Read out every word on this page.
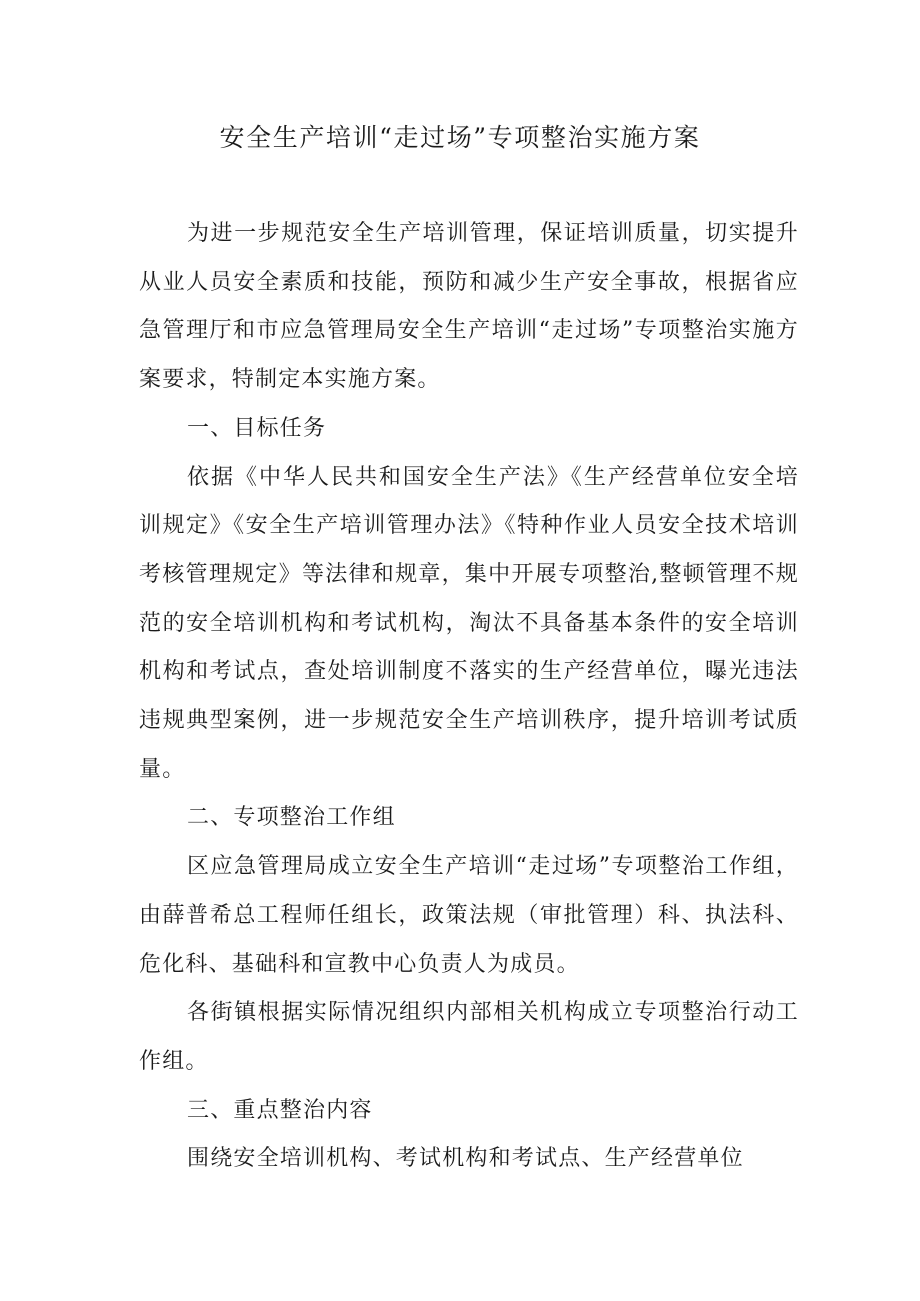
安全生产培训“走过场”专项整治实施方案

为进一步规范安全生产培训管理，保证培训质量，切实提升从业人员安全素质和技能，预防和减少生产安全事故，根据省应急管理厅和市应急管理局安全生产培训“走过场”专项整治实施方案要求，特制定本实施方案。

一、目标任务

依据《中华人民共和国安全生产法》《生产经营单位安全培训规定》《安全生产培训管理办法》《特种作业人员安全技术培训考核管理规定》等法律和规章，集中开展专项整治,整顿管理不规范的安全培训机构和考试机构，淘汰不具备基本条件的安全培训机构和考试点，查处培训制度不落实的生产经营单位，曝光违法违规典型案例，进一步规范安全生产培训秩序，提升培训考试质量。

二、专项整治工作组

区应急管理局成立安全生产培训“走过场”专项整治工作组，由薛普希总工程师任组长，政策法规（审批管理）科、执法科、危化科、基础科和宣教中心负责人为成员。

各街镇根据实际情况组织内部相关机构成立专项整治行动工作组。

三、重点整治内容

围绕安全培训机构、考试机构和考试点、生产经营单位
